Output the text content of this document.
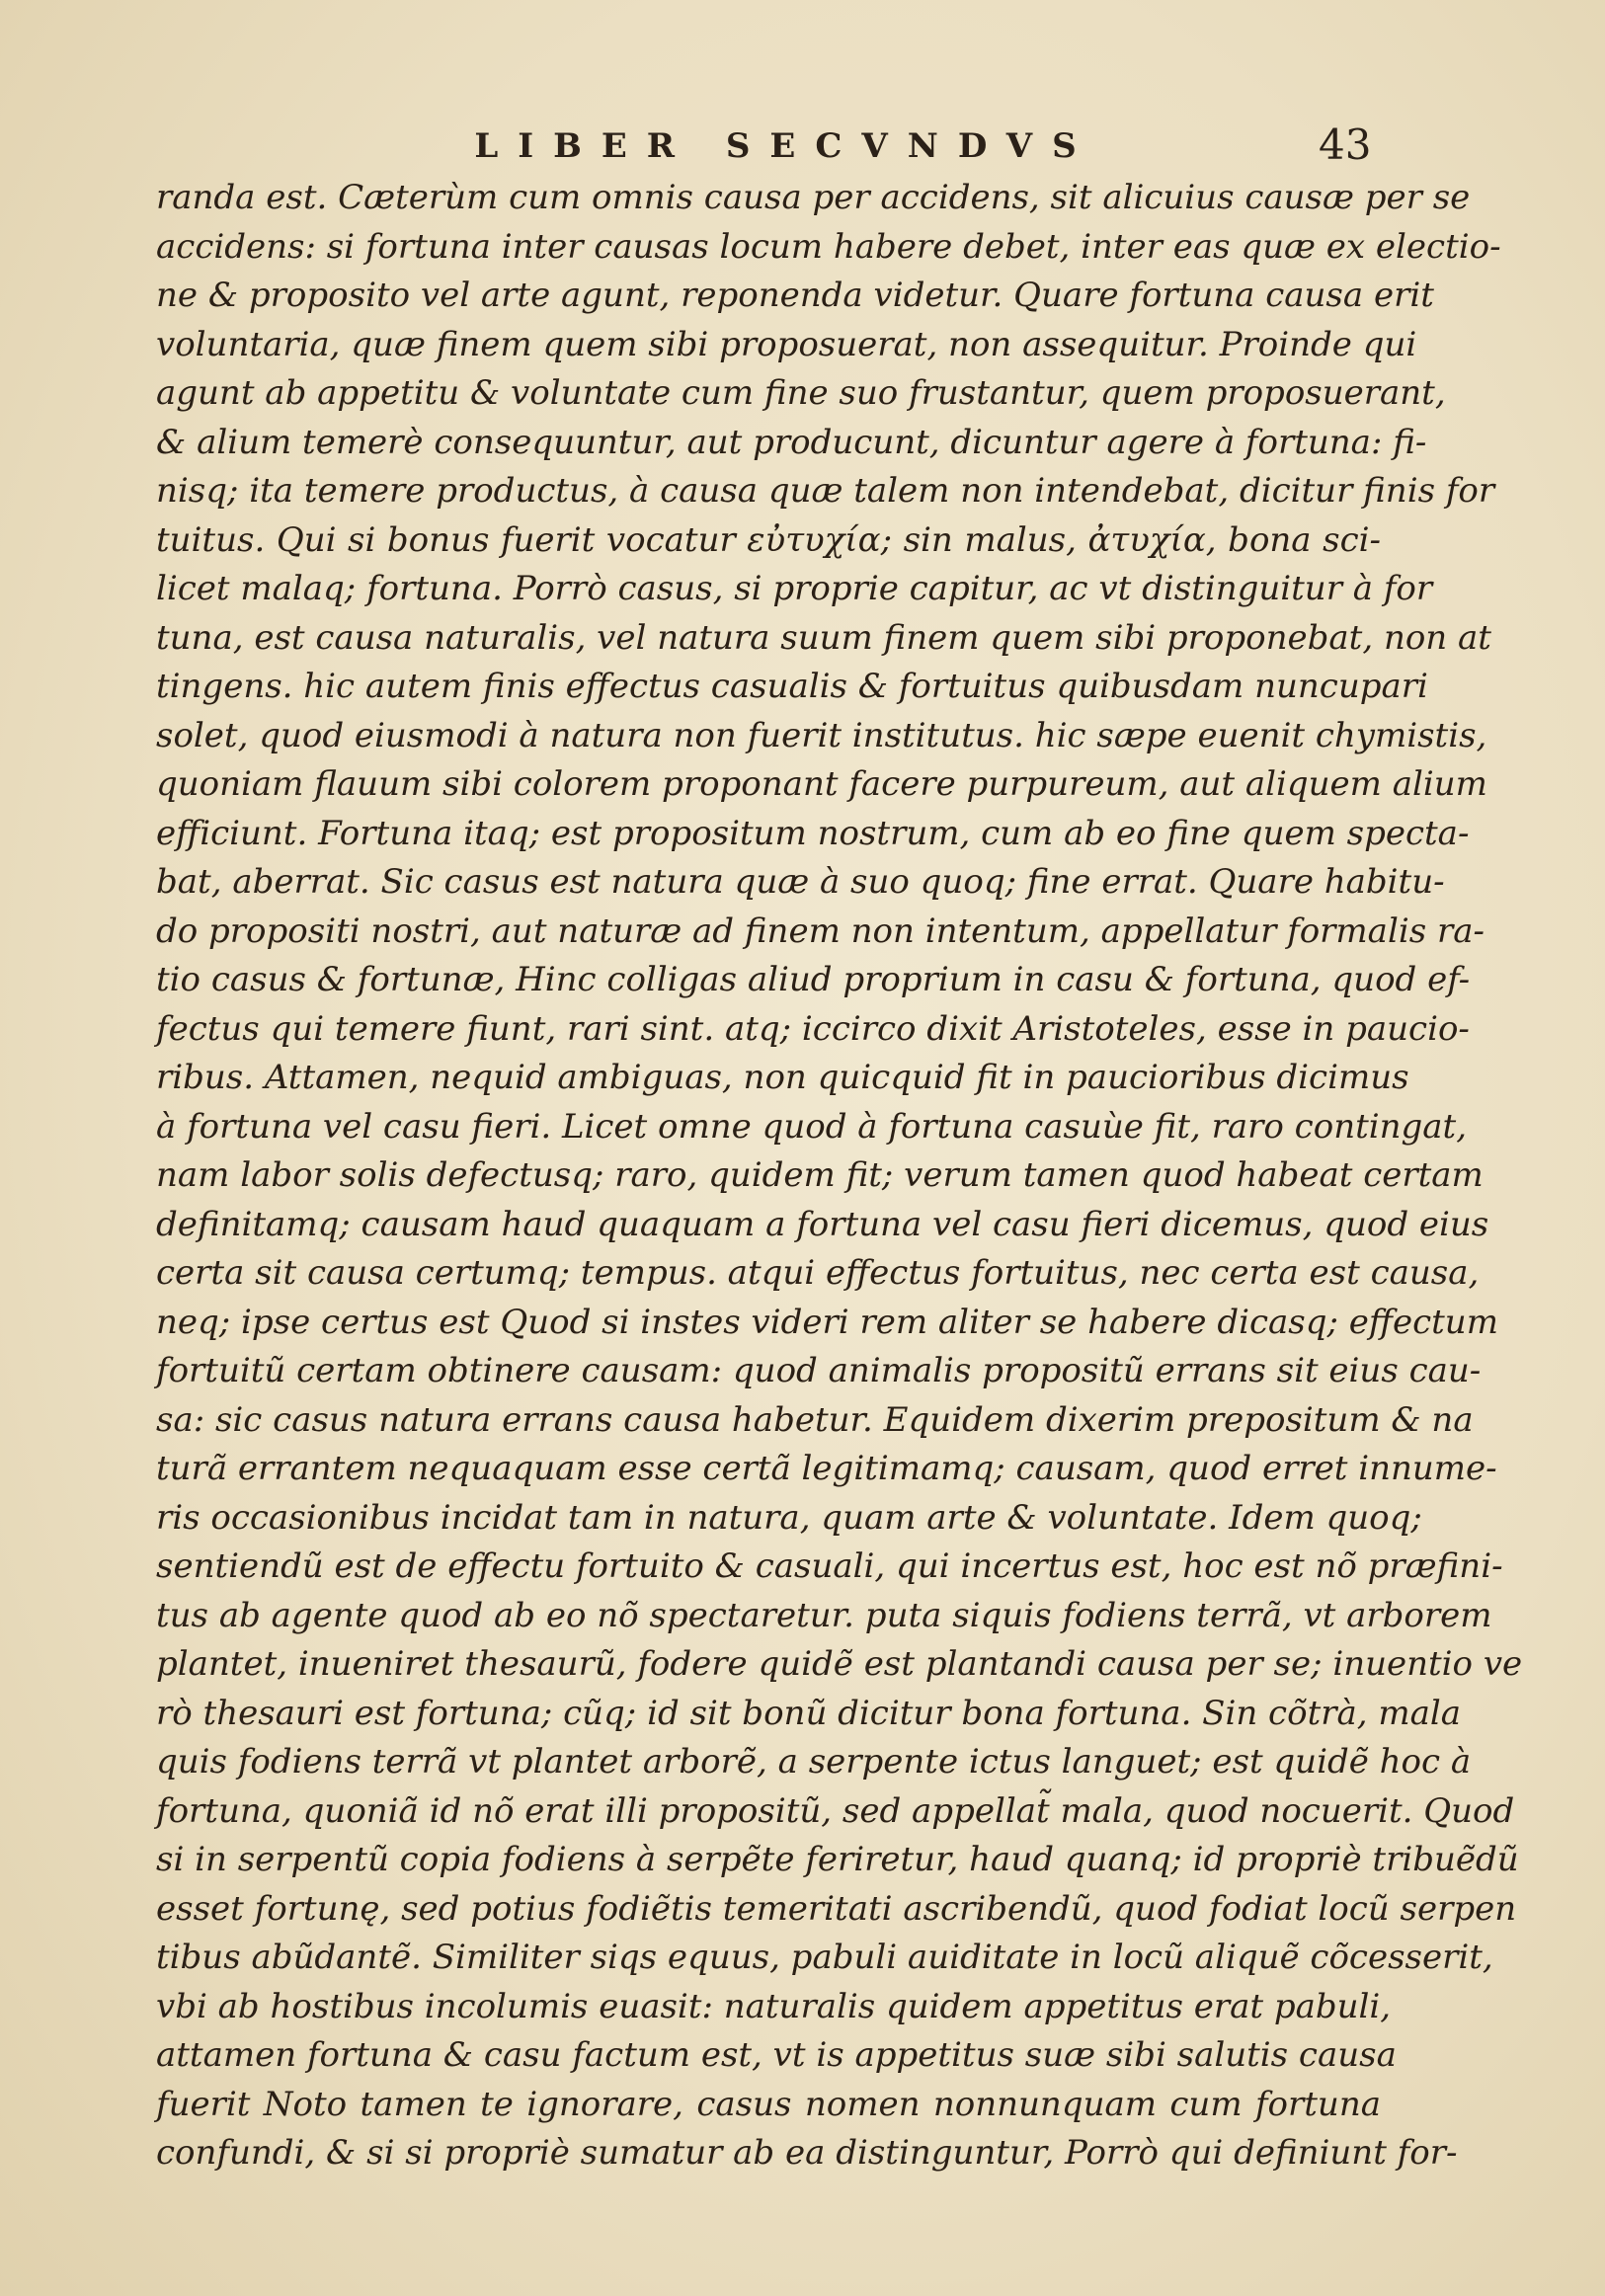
LIBER SECVNDVS	43
randa est. Cæterùm cum omnis causa per accidens, sit alicuius causæ per se
accidens: si fortuna inter causas locum habere debet, inter eas quæ ex electio-
ne & proposito vel arte agunt, reponenda videtur. Quare fortuna causa erit
voluntaria, quæ finem quem sibi proposuerat, non assequitur. Proinde qui
agunt ab appetitu & voluntate cum fine suo frustantur, quem proposuerant,
& alium temerè consequuntur, aut producunt, dicuntur agere à fortuna: fi-
nisq; ita temere productus, à causa quæ talem non intendebat, dicitur finis for
tuitus. Qui si bonus fuerit vocatur εὐτυχία; sin malus, ἀτυχία, bona sci-
licet malaq; fortuna. Porrò casus, si proprie capitur, ac vt distinguitur à for
tuna, est causa naturalis, vel natura suum finem quem sibi proponebat, non at
tingens. hic autem finis effectus casualis & fortuitus quibusdam nuncupari
solet, quod eiusmodi à natura non fuerit institutus. hic sæpe euenit chymistis,
quoniam flauum sibi colorem proponant facere purpureum, aut aliquem alium
efficiunt. Fortuna itaq; est propositum nostrum, cum ab eo fine quem specta-
bat, aberrat. Sic casus est natura quæ à suo quoq; fine errat. Quare habitu-
do propositi nostri, aut naturæ ad finem non intentum, appellatur formalis ra-
tio casus & fortunæ, Hinc colligas aliud proprium in casu & fortuna, quod ef-
fectus qui temere fiunt, rari sint. atq; iccirco dixit Aristoteles, esse in paucio-
ribus. Attamen, nequid ambiguas, non quicquid fit in paucioribus dicimus
à fortuna vel casu fieri. Licet omne quod à fortuna casuùe fit, raro contingat,
nam labor solis defectusq; raro, quidem fit; verum tamen quod habeat certam
definitamq; causam haud quaquam a fortuna vel casu fieri dicemus, quod eius
certa sit causa certumq; tempus. atqui effectus fortuitus, nec certa est causa,
neq; ipse certus est Quod si instes videri rem aliter se habere dicasq; effectum
fortuitũ certam obtinere causam: quod animalis propositũ errans sit eius cau-
sa: sic casus natura errans causa habetur. Equidem dixerim prepositum & na
turã errantem nequaquam esse certã legitimamq; causam, quod erret innume-
ris occasionibus incidat tam in natura, quam arte & voluntate. Idem quoq;
sentiendũ est de effectu fortuito & casuali, qui incertus est, hoc est nõ præfini-
tus ab agente quod ab eo nõ spectaretur. puta siquis fodiens terrã, vt arborem
plantet, inueniret thesaurũ, fodere quidẽ est plantandi causa per se; inuentio ve
rò thesauri est fortuna; cũq; id sit bonũ dicitur bona fortuna. Sin cõtrà, mala
quis fodiens terrã vt plantet arborẽ, a serpente ictus languet; est quidẽ hoc à
fortuna, quoniã id nõ erat illi propositũ, sed appellat̃ mala, quod nocuerit. Quod
si in serpentũ copia fodiens à serpẽte feriretur, haud quanq; id propriè tribuẽdũ
esset fortunę, sed potius fodiẽtis temeritati ascribendũ, quod fodiat locũ serpen
tibus abũdantẽ. Similiter siqs equus, pabuli auiditate in locũ aliquẽ cõcesserit,
vbi ab hostibus incolumis euasit: naturalis quidem appetitus erat pabuli,
attamen fortuna & casu factum est, vt is appetitus suæ sibi salutis causa
fuerit Noto tamen te ignorare, casus nomen nonnunquam cum fortuna
confundi, & si si propriè sumatur ab ea distinguntur, Porrò qui definiunt for-
